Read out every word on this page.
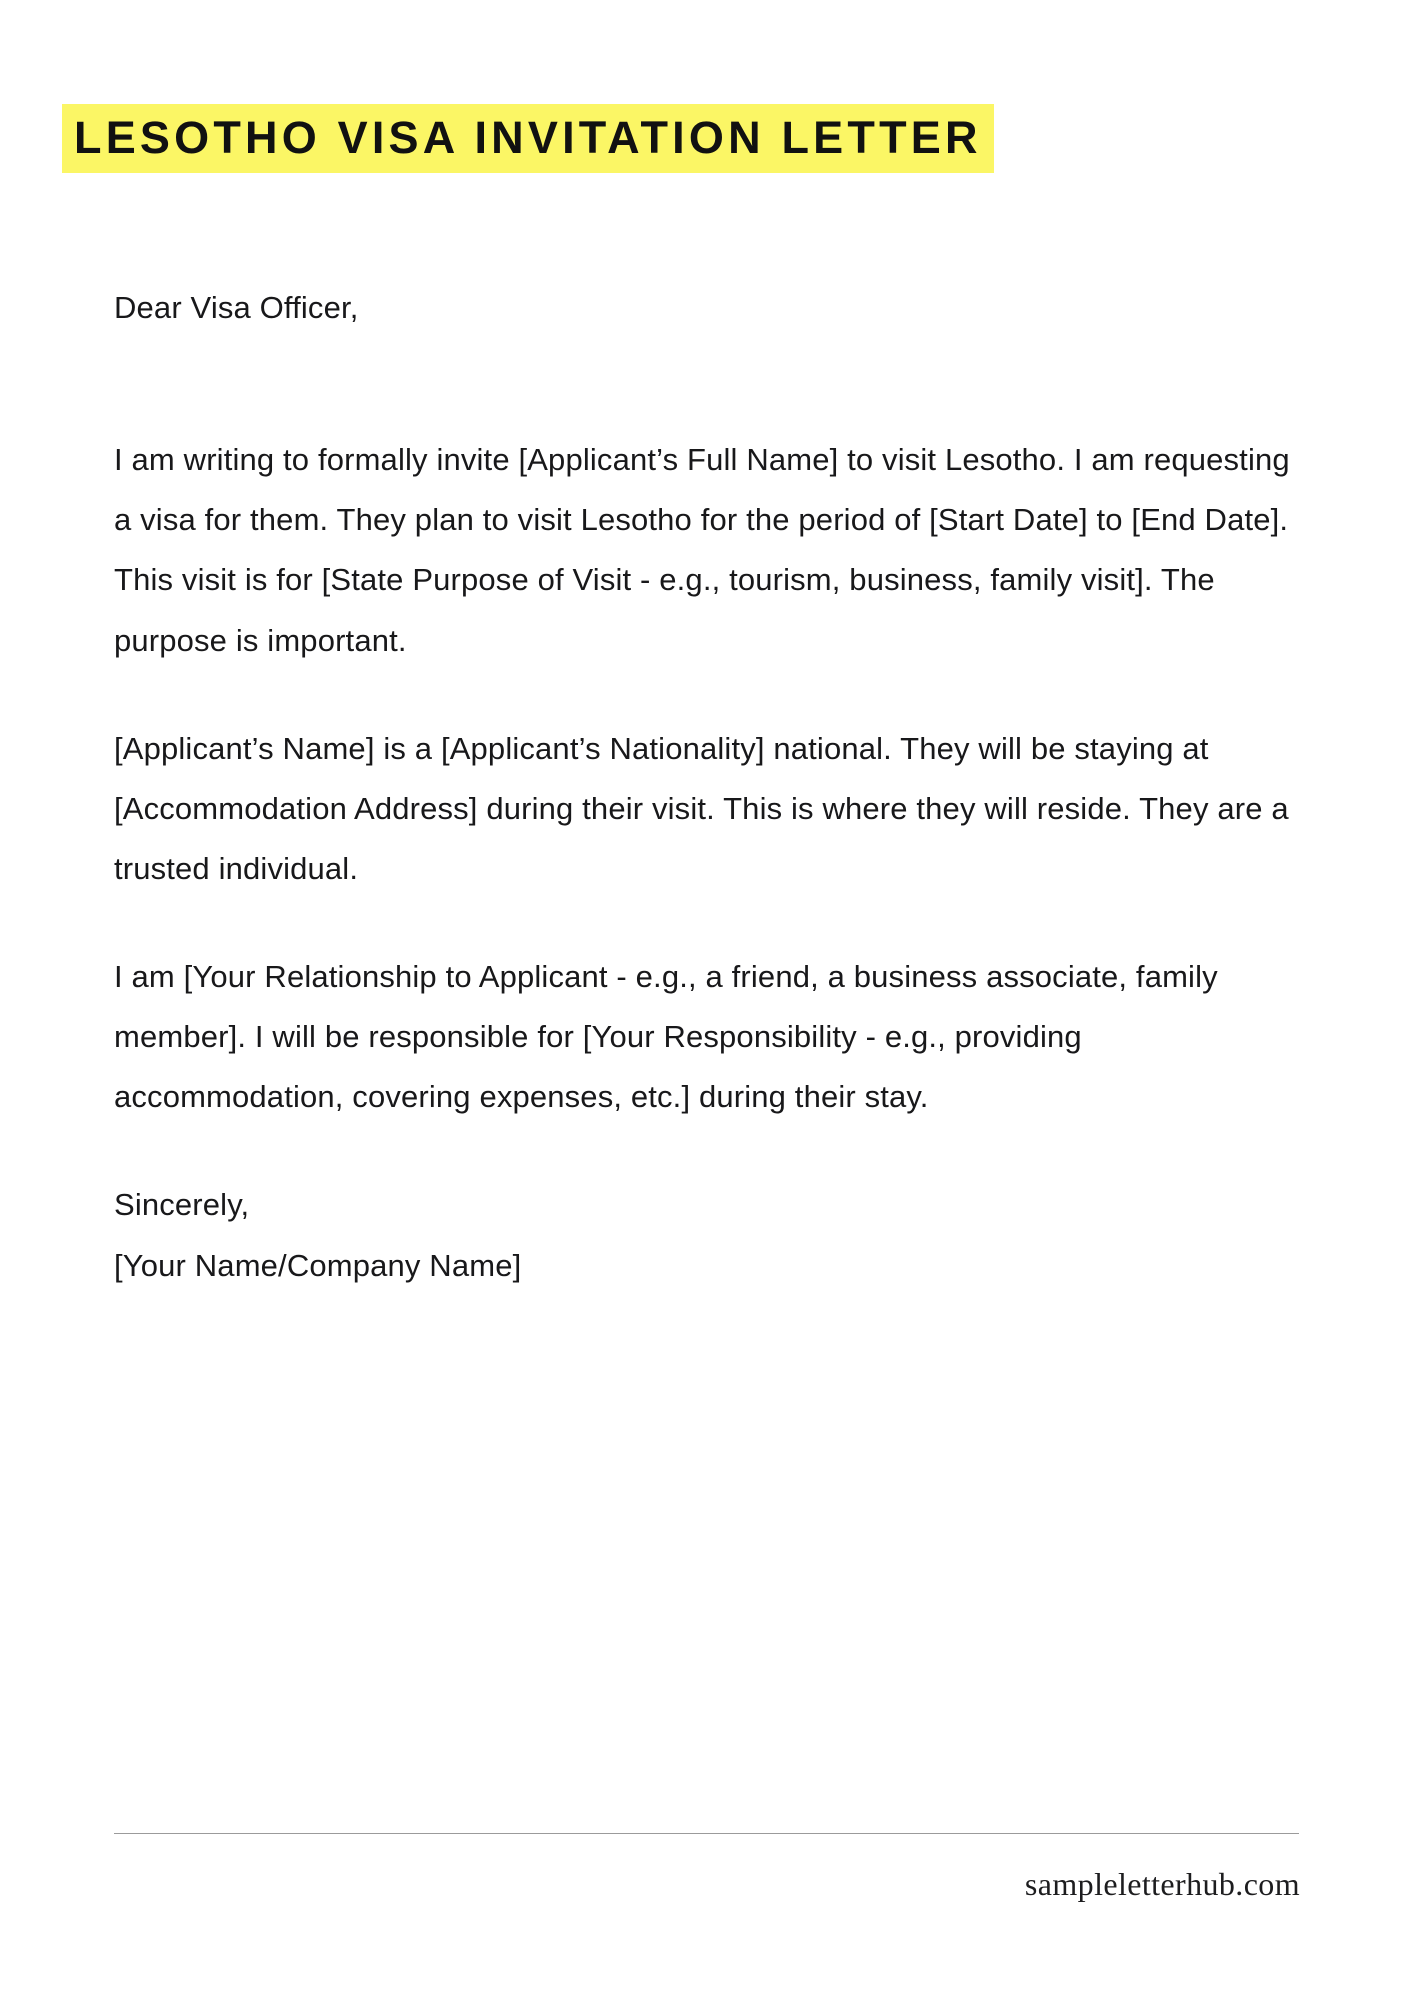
LESOTHO VISA INVITATION LETTER

Dear Visa Officer,

I am writing to formally invite [Applicant’s Full Name] to visit Lesotho. I am requesting a visa for them. They plan to visit Lesotho for the period of [Start Date] to [End Date]. This visit is for [State Purpose of Visit - e.g., tourism, business, family visit]. The purpose is important.

[Applicant’s Name] is a [Applicant’s Nationality] national. They will be staying at [Accommodation Address] during their visit. This is where they will reside. They are a trusted individual.

I am [Your Relationship to Applicant - e.g., a friend, a business associate, family member]. I will be responsible for [Your Responsibility - e.g., providing accommodation, covering expenses, etc.] during their stay.

Sincerely,

[Your Name/Company Name]
sampleletterhub.com
